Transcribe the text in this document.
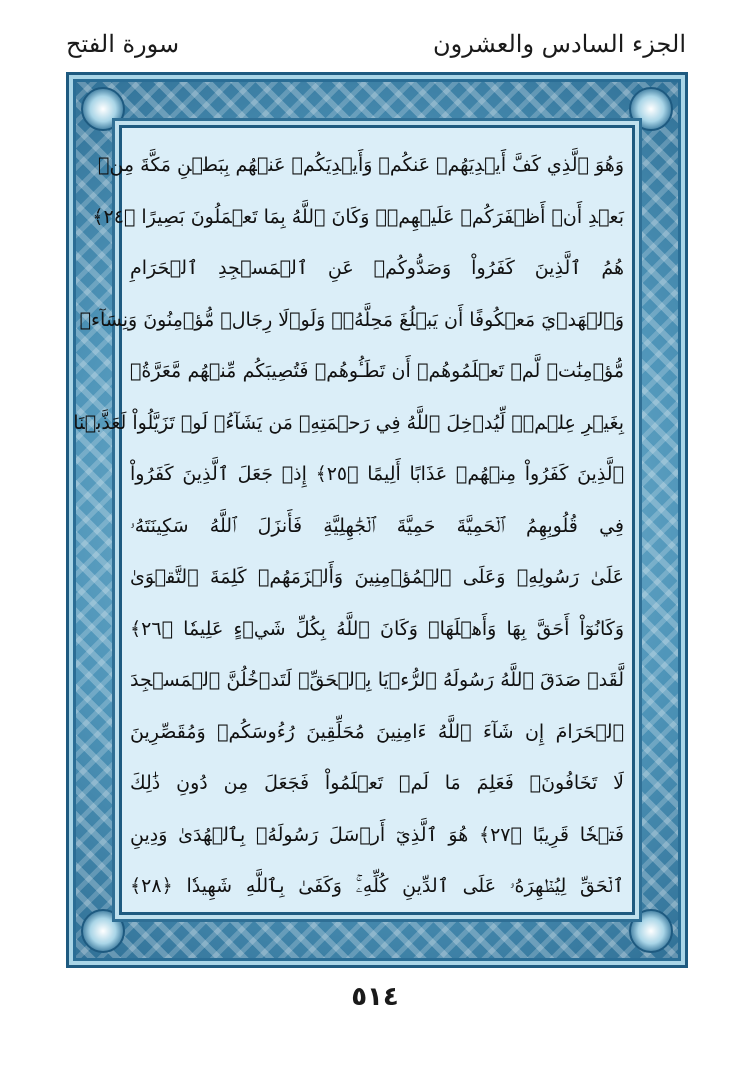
الجزء السادس والعشرون
سورة الفتح
وَهُوَ ٱلَّذِي كَفَّ أَيۡدِيَهُمۡ عَنكُمۡ وَأَيۡدِيَكُمۡ عَنۡهُم بِبَطۡنِ مَكَّةَ مِنۢ
بَعۡدِ أَنۡ أَظۡفَرَكُمۡ عَلَيۡهِمۡۚ وَكَانَ ٱللَّهُ بِمَا تَعۡمَلُونَ بَصِيرًا ﴿٢٤﴾
هُمُ ٱلَّذِينَ كَفَرُواْ وَصَدُّوكُمۡ عَنِ ٱلۡمَسۡجِدِ ٱلۡحَرَامِ
وَٱلۡهَدۡيَ مَعۡكُوفًا أَن يَبۡلُغَ مَحِلَّهُۥۚ وَلَوۡلَا رِجَالٞ مُّؤۡمِنُونَ وَنِسَآءٞ
مُّؤۡمِنَٰتٞ لَّمۡ تَعۡلَمُوهُمۡ أَن تَطَـُٔوهُمۡ فَتُصِيبَكُم مِّنۡهُم مَّعَرَّةُۢ
بِغَيۡرِ عِلۡمٖۖ لِّيُدۡخِلَ ٱللَّهُ فِي رَحۡمَتِهِۦ مَن يَشَآءُۚ لَوۡ تَزَيَّلُواْ لَعَذَّبۡنَا
ٱلَّذِينَ كَفَرُواْ مِنۡهُمۡ عَذَابًا أَلِيمًا ﴿٢٥﴾ إِذۡ جَعَلَ ٱلَّذِينَ كَفَرُواْ
فِي قُلُوبِهِمُ ٱلۡحَمِيَّةَ حَمِيَّةَ ٱلۡجَٰهِلِيَّةِ فَأَنزَلَ ٱللَّهُ سَكِينَتَهُۥ
عَلَىٰ رَسُولِهِۦ وَعَلَى ٱلۡمُؤۡمِنِينَ وَأَلۡزَمَهُمۡ كَلِمَةَ ٱلتَّقۡوَىٰ
وَكَانُوٓاْ أَحَقَّ بِهَا وَأَهۡلَهَاۚ وَكَانَ ٱللَّهُ بِكُلِّ شَيۡءٍ عَلِيمٗا ﴿٢٦﴾
لَّقَدۡ صَدَقَ ٱللَّهُ رَسُولَهُ ٱلرُّءۡيَا بِٱلۡحَقِّۖ لَتَدۡخُلُنَّ ٱلۡمَسۡجِدَ
ٱلۡحَرَامَ إِن شَآءَ ٱللَّهُ ءَامِنِينَ مُحَلِّقِينَ رُءُوسَكُمۡ وَمُقَصِّرِينَ
لَا تَخَافُونَۖ فَعَلِمَ مَا لَمۡ تَعۡلَمُواْ فَجَعَلَ مِن دُونِ ذَٰلِكَ
فَتۡحٗا قَرِيبًا ﴿٢٧﴾ هُوَ ٱلَّذِيٓ أَرۡسَلَ رَسُولَهُۥ بِٱلۡهُدَىٰ وَدِينِ
ٱلۡحَقِّ لِيُظۡهِرَهُۥ عَلَى ٱلدِّينِ كُلِّهِۦۚ وَكَفَىٰ بِٱللَّهِ شَهِيدٗا ﴿٢٨﴾
٥١٤
